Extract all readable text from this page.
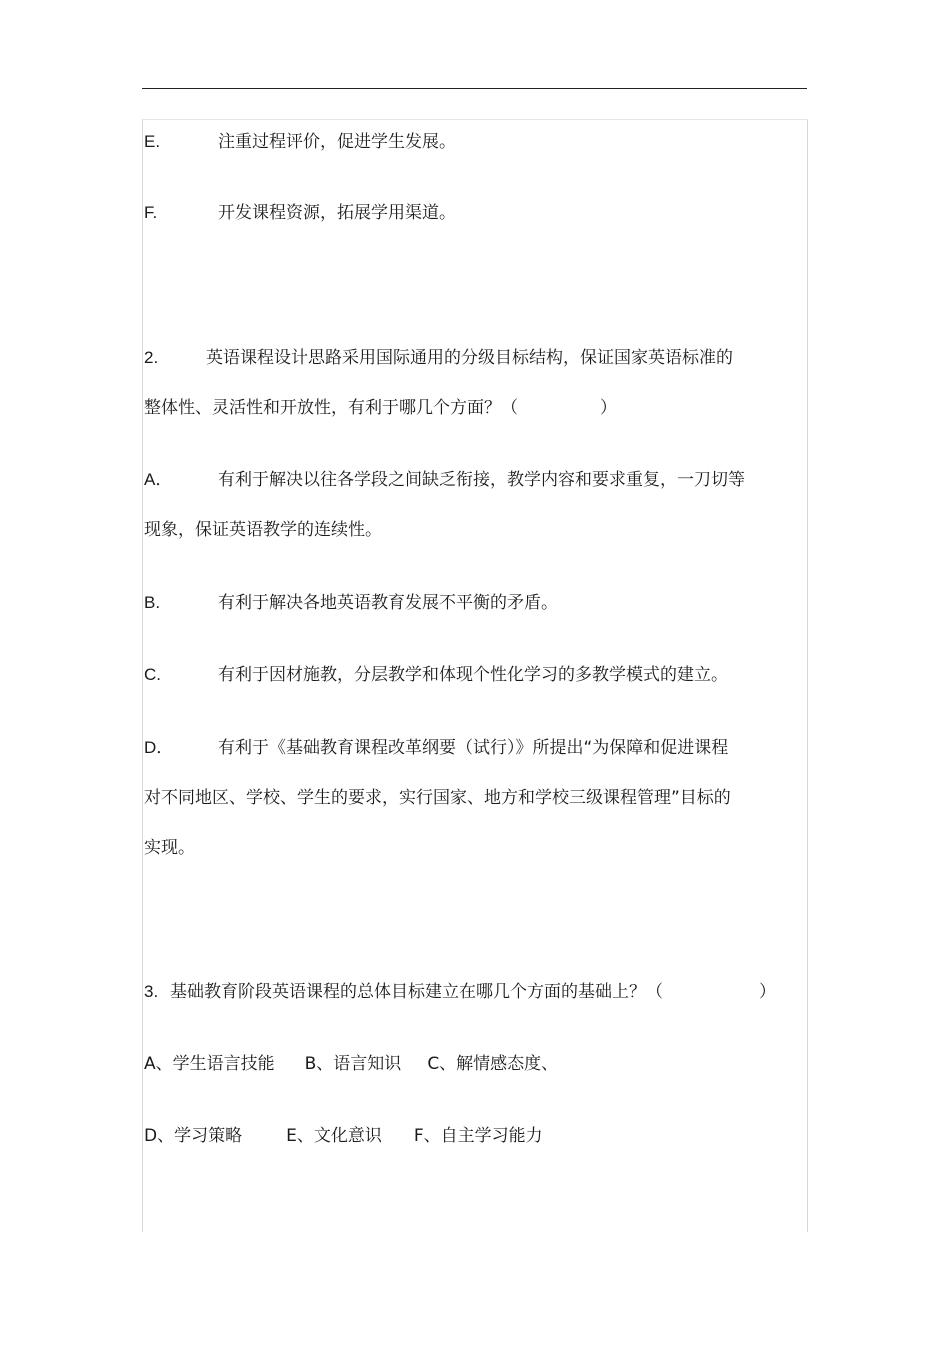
E.	注重过程评价，促进学生发展。
F.	开发课程资源，拓展学用渠道。
2.	英语课程设计思路采用国际通用的分级目标结构，保证国家英语标准的
整体性、灵活性和开放性，有利于哪几个方面？（	）
A．	有利于解决以往各学段之间缺乏衔接，教学内容和要求重复，一刀切等
现象，保证英语教学的连续性。
B.	有利于解决各地英语教育发展不平衡的矛盾。
C.	有利于因材施教，分层教学和体现个性化学习的多教学模式的建立。
D．	有利于《基础教育课程改革纲要（试行）》所提出“为保障和促进课程
对不同地区、学校、学生的要求，实行国家、地方和学校三级课程管理”目标的
实现。
3. 基础教育阶段英语课程的总体目标建立在哪几个方面的基础上？（	）
A、学生语言技能 B、语言知识 C、解情感态度、
D、学习策略	E、文化意识 F、自主学习能力
